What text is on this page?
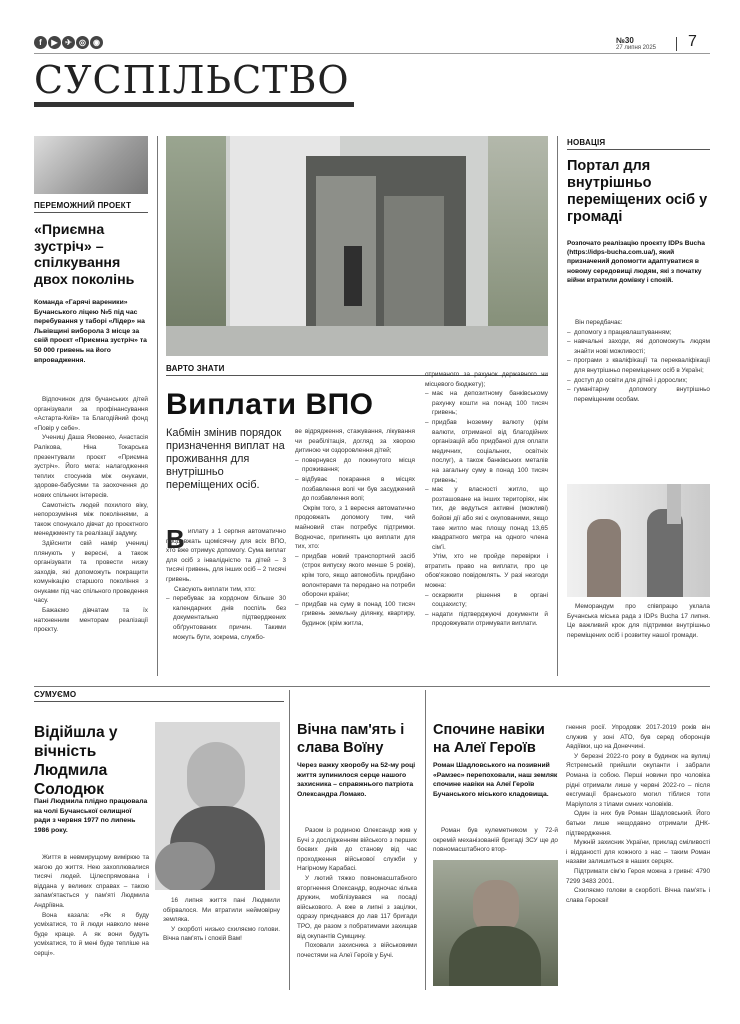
f	▶ ✈ ◎ ◉	№30
27 липня 2025 7
СУСПІЛЬСТВО
ПЕРЕМОЖНИЙ ПРОЕКТ
«Приємна зустріч» – спілкування двох поколінь
Команда «Гарячі вареники» Бучанського ліцею №5 під час перебування у таборі «Лідер» на Львівщині виборола 3 місце за свій проєкт «Приємна зустріч» та 50 000 гривень на його впровадження.

Відпочинок для бучанських дітей організували за профінансування «Астарта-Київ» та Благодійний фонд «Повір у себе».

Учениці Даша Яковенко, Анастасія Ралікова, Ніна Токарська презентували проєкт «Приємна зустріч». Його мета: налагодження теплих стосунків між онуками, здорове-бабусями та заохочення до нових спільних інтересів.

Самотність людей похилого віку, непорозуміння між поколіннями, а також спонукало дівчат до проєктного менеджменту та реалізації задуму.

Здійснити свій намір учениці плянують у вересні, а також організувати та провести низку заходів, які допоможуть покращити комунікацію старшого покоління з онуками під час спільного проведення часу.

Бажаємо дівчатам та їх натхненним менторам реалізації проєкту.

ВАРТО ЗНАТИ
Виплати ВПО
Кабмін змінив порядок призначення виплат на проживання для внутрішньо переміщених осіб.
В иплату з 1 серпня автоматично продовжать щомісячну для всіх ВПО, хто вже отримує допомогу. Сума виплат для осіб з інвалідністю та дітей – 3 тисячі гривень, для інших осіб – 2 тисячі гривень.

Скасують виплати тим, хто:

– перебуває за кордоном більше 30 календарних днів поспіль без документально підтверджених обґрунтованих причин. Такими можуть бути, зокрема, службо-

ве відрядження, стажування, лікування чи реабілітація, догляд за хворою дитиною чи оздоровлення дітей;

– повернувся до покинутого місця проживання;
– відбуває покарання в місцях позбавлення волі чи був засуджений до позбавлення волі;

Окрім того, з 1 вересня автоматично продовжать допомогу тим, чий майновий стан потребує підтримки. Водночас, припинять цю виплати для тих, хто:

– придбав новий транспортний засіб (строк випуску якого менше 5 років), крім того, якщо автомобіль придбано волонтерами та передано на потреби оборони країни;
– придбав на суму в понад 100 тисяч гривень земельну ділянку, квартиру, будинок (крім житла,

отриманого за рахунок державного чи місцевого бюджету);

– має на депозитному банківському рахунку кошти на понад 100 тисяч гривень;
– придбав іноземну валюту (крім валюти, отриманої від благодійних організацій або придбаної для оплати медичних, соціальних, освітніх послуг), а також банківських металів на загальну суму в понад 100 тисяч гривень;
– має у власності житло, що розташоване на інших територіях, ніж тих, де ведуться активні (можливі) бойові дії або які є окупованими, якщо таке житло має площу понад 13,65 квадратного метра на одного члена сім'ї.

Утім, хто не пройде перевірки і втратить право на виплати, про це обов'язково повідомлять. У разі незгоди можна:

– оскаржити рішення в органі соцзахисту;
– надати підтверджуючі документи й продовжувати отримувати виплати.
НОВАЦІЯ
Портал для внутрішньо переміщених осіб у громаді
Розпочато реалізацію проєкту IDPs Bucha (https://idps-bucha.com.ua/), який призначений допомогти адаптуватися в новому середовищі людям, які з початку війни втратили домівку і спокій.

Він передбачає:

– допомогу з працевлаштуванням;
– навчальні заходи, які допоможуть людям знайти нові можливості;
– програми з кваліфікації та перекваліфікації для внутрішньо переміщених осіб в Україні;
– доступ до освіти для дітей і дорослих;
– гуманітарну допомогу внутрішньо переміщеним особам.
Меморандум про співпрацю уклала Бучанська міська рада з IDPs Bucha 17 липня. Це важливий крок для підтримки внутрішньо переміщених осіб і розвитку нашої громади.
СУМУЄМО
Відійшла у вічність Людмила Солодюк
Пані Людмила плідно працювала на чолі Бучанської селищної ради з червня 1977 по липень 1986 року.

Життя в невмирущому вимірюю та жагою до життя. Нею захоплювалися тисячі людей. Цілеспрямована і віддана у великих справах – такою запам'ятається у пам'яті Людмила Андріївна.

Вона казала: «Як я буду усміхатися, то й люди навколо мене буде краще. А як вони будуть усміхатися, то й мені буде тепліше на серці».

16 липня життя пані Людмили обірвалося. Ми втратили неймовірну земляка.

У скорботі низько схиляємо голови. Вічна пам'ять і спокій Вам!

Вічна пам'ять і слава Воїну
Через важку хворобу на 52-му році життя зупинилося серце нашого захисника – справжнього патріота Олександра Ломако.

Разом із родиною Олександр жив у Бучі з дослідженням війського з перших боєвих днів до станову від час проходження військової служби у Нагірному Карабасі.

У лютий тяжко повномасштабного вторгнення Олександр, водночас кілька дружин, мобілізувався на посаді військового. А вже в липні з зацілки, одразу приєднався до лав 117 бригади ТРО, де разом з побратимами захищав від окупантів Сумщину.

Поховали захисника з військовими почестями на Алеї Героїв у Бучі.

Спочине навіки на Алеї Героїв
Роман Шадловського на позивний «Рамзес» перепоховали, наш земляк спочине навіки на Алеї Героїв Бучанського міського кладовища.

Роман був кулеметником у 72-й окремій механізованій бригаді ЗСУ ще до повномасштабного втор-

гнення росії. Упродовж 2017-2019 років він служив у зоні АТО, був серед оборонців Авдіївки, що на Донеччині.

У березні 2022-го року в будинок на вулиці Ястремській прийшли окупанти і забрали Романа із собою. Перші новини про чоловіка рідні отримали лише у червні 2022-го – після ексгумації бранського могил тіблися тоти Маріуполя з тілами смних чоловіків.

Один із них був Роман Шадловський. Його батьки лише нещодавно отримали ДНК-підтвердження.

Мужній захисник України, приклад сміливості і відданості для кожного з нас – таким Роман назави залишиться в наших серцях.

Підтримати сім'ю Героя можна з гривні: 4790 7299 3483 2001.

Схиляємо голови в скорботі. Вічна пам'ять і слава Героєві!
